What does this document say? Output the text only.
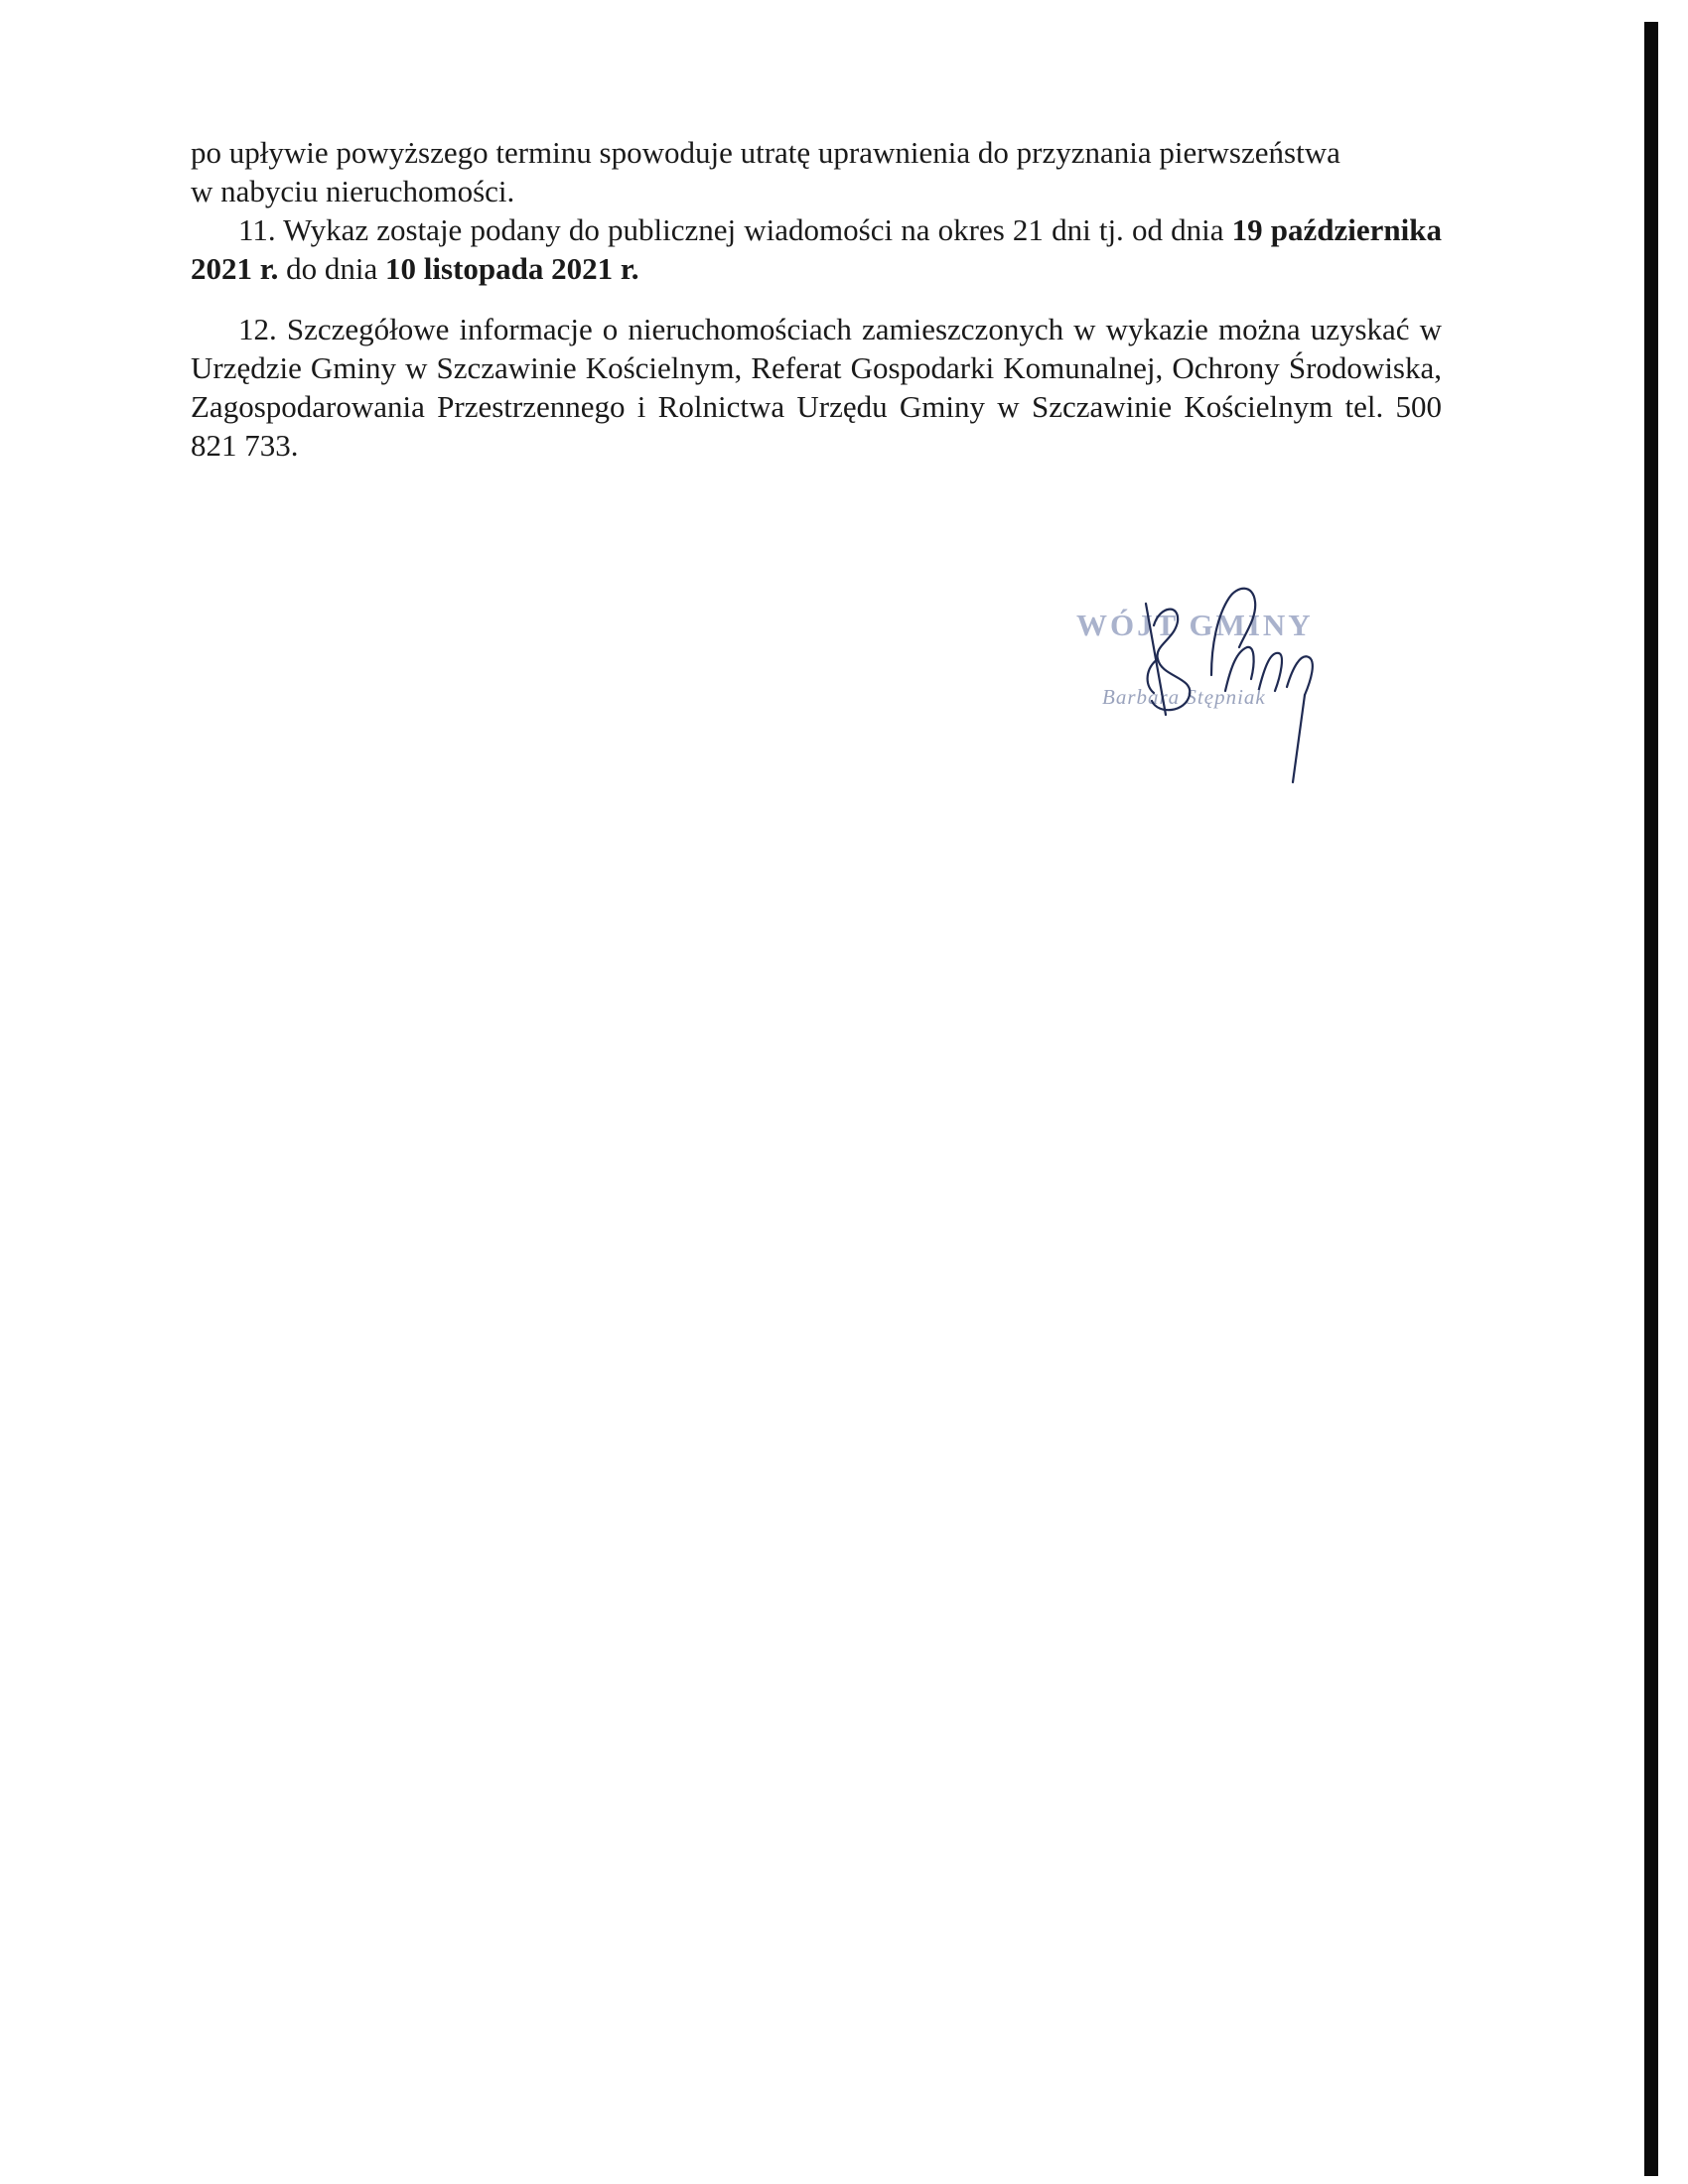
po upływie powyższego terminu spowoduje utratę uprawnienia do przyznania pierwszeństwa
w nabyciu nieruchomości.

11. Wykaz zostaje podany do publicznej wiadomości na okres 21 dni tj. od dnia 19 października 2021 r. do dnia 10 listopada 2021 r.

12. Szczegółowe informacje o nieruchomościach zamieszczonych w wykazie można uzyskać w Urzędzie Gminy w Szczawinie Kościelnym, Referat Gospodarki Komunalnej, Ochrony Środowiska, Zagospodarowania Przestrzennego i Rolnictwa Urzędu Gminy w Szczawinie Kościelnym tel. 500 821 733.

WÓJT GMINY
Barbara Stępniak
